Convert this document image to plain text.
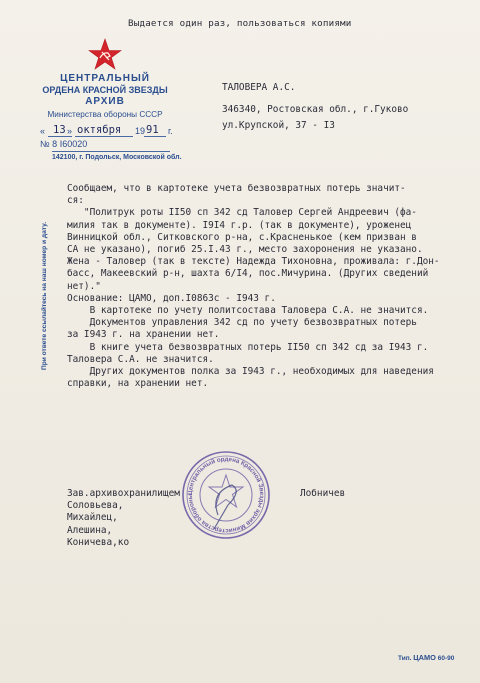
Выдается один раз, пользоваться копиями
ЦЕНТРАЛЬНЫЙ
ОРДЕНА КРАСНОЙ ЗВЕЗДЫ
АРХИВ
Министерства обороны СССР
« 13 » октября 19 91 г.
№ 8 I60020
142100, г. Подольск, Московской обл.
ТАЛОВЕРА А.С.
346340, Ростовская обл., г.Гуково
ул.Крупской, 37 - I3
При ответе ссылайтесь на наш номер и дату.
Сообщаем, что в картотеке учета безвозвратных потерь значит-
ся:
"Политрук роты II50 сп 342 сд Таловер Сергей Андреевич (фа-
милия так в документе). I9I4 г.р. (так в документе), уроженец
Винницкой обл., Ситковского р-на, с.Красненькое (кем призван в
СА не указано), погиб 25.I.43 г., место захоронения не указано.
Жена - Таловер (так в тексте) Надежда Тихоновна, проживала: г.Дон-
басс, Макеевский р-н, шахта 6/I4, пос.Мичурина. (Других сведений
нет)."
Основание: ЦАМО, доп.I0863с - I943 г.
В картотеке по учету политсостава Таловера С.А. не значится.
Документов управления 342 сд по учету безвозвратных потерь
за I943 г. на хранении нет.
В книге учета безвозвратных потерь II50 сп 342 сд за I943 г.
Таловера С.А. не значится.
Других документов полка за I943 г., необходимых для наведения
справки, на хранении нет.
Центральный ордена Красной Звезды архив Министерства обороны
Зав.архивохранилищем
Соловьева,
Михайлец,
Алешина,
Коничева,ко
Лобничев
Тип. ЦАМО 60-90
